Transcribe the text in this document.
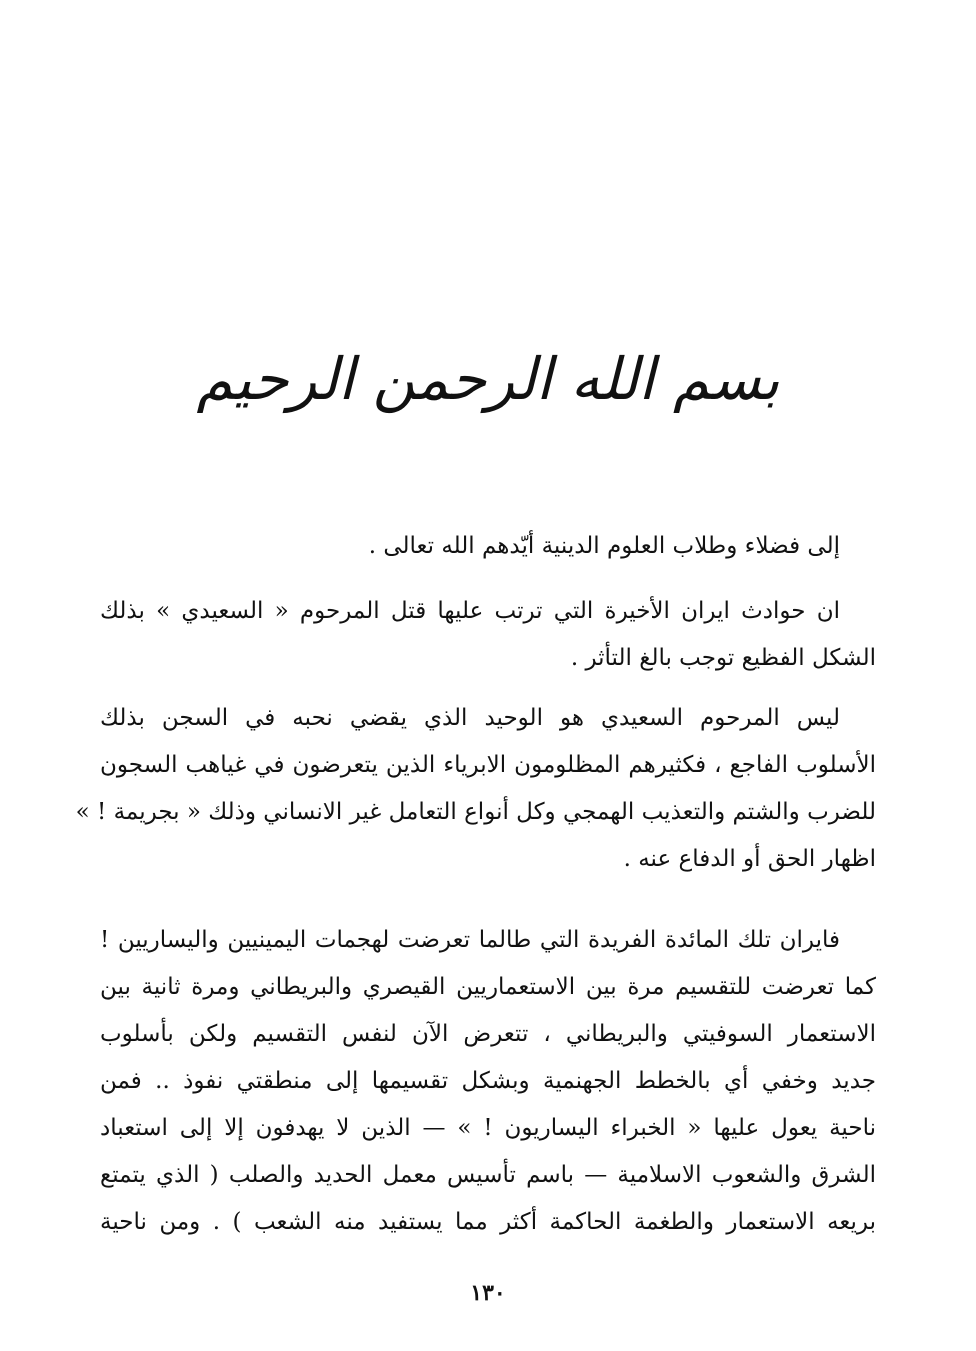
بسم الله الرحمن الرحيم
إلى فضلاء وطلاب العلوم الدينية أيّدهم الله تعالى .
ان حوادث ايران الأخيرة التي ترتب عليها قتل المرحوم « السعيدي » بذلك
الشكل الفظيع توجب بالغ التأثر .
ليس المرحوم السعيدي هو الوحيد الذي يقضي نحبه في السجن بذلك
الأسلوب الفاجع ، فكثيرهم المظلومون الابرياء الذين يتعرضون في غياهب السجون
للضرب والشتم والتعذيب الهمجي وكل أنواع التعامل غير الانساني وذلك « بجريمة ! »
اظهار الحق أو الدفاع عنه .
فايران تلك المائدة الفريدة التي طالما تعرضت لهجمات اليمينيين واليساريين !
كما تعرضت للتقسيم مرة بين الاستعماريين القيصري والبريطاني ومرة ثانية بين
الاستعمار السوفيتي والبريطاني ، تتعرض الآن لنفس التقسيم ولكن بأسلوب
جديد وخفي أي بالخطط الجهنمية وبشكل تقسيمها إلى منطقتي نفوذ .. فمن
ناحية يعول عليها « الخبراء اليساريون ! » — الذين لا يهدفون إلا إلى استعباد
الشرق والشعوب الاسلامية — باسم تأسيس معمل الحديد والصلب ( الذي يتمتع
بريعه الاستعمار والطغمة الحاكمة أكثر مما يستفيد منه الشعب ) . ومن ناحية
١٣٠
